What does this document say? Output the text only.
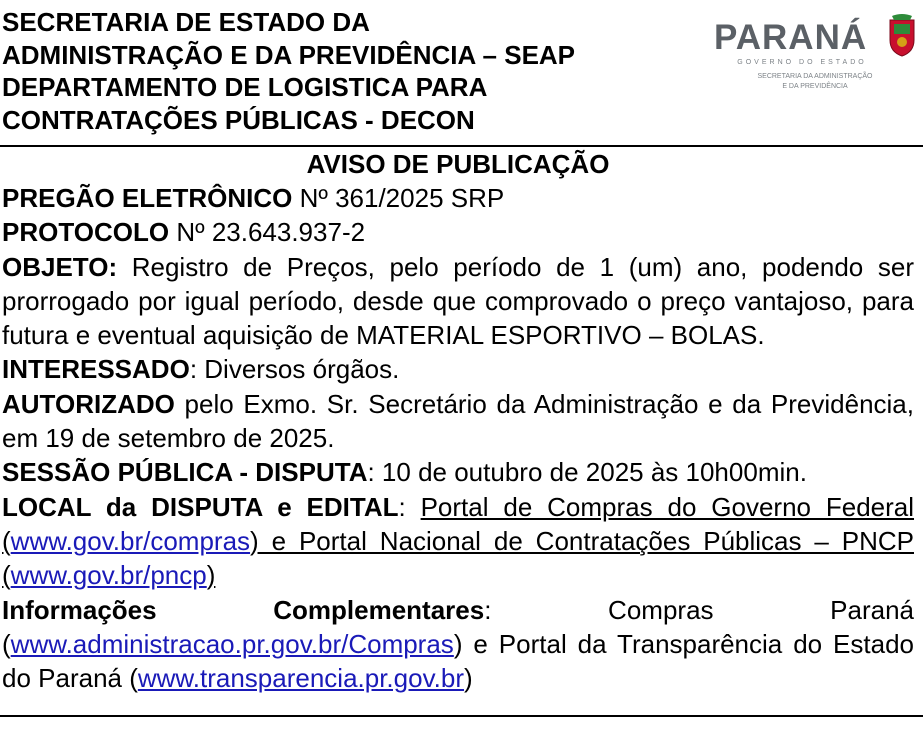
SECRETARIA DE ESTADO DA
ADMINISTRAÇÃO E DA PREVIDÊNCIA – SEAP
DEPARTAMENTO DE LOGISTICA PARA
CONTRATAÇÕES PÚBLICAS - DECON
PARANÁ
GOVERNO DO ESTADO
SECRETARIA DA ADMINISTRAÇÃO
E DA PREVIDÊNCIA
AVISO DE PUBLICAÇÃO

PREGÃO ELETRÔNICO Nº 361/2025 SRP

PROTOCOLO Nº 23.643.937-2

OBJETO: Registro de Preços, pelo período de 1 (um) ano, podendo ser prorrogado por igual período, desde que comprovado o preço vantajoso, para futura e eventual aquisição de MATERIAL ESPORTIVO – BOLAS.

INTERESSADO: Diversos órgãos.

AUTORIZADO pelo Exmo. Sr. Secretário da Administração e da Previdência, em 19 de setembro de 2025.

SESSÃO PÚBLICA - DISPUTA: 10 de outubro de 2025 às 10h00min.

LOCAL da DISPUTA e EDITAL: Portal de Compras do Governo Federal (www.gov.br/compras) e Portal Nacional de Contratações Públicas – PNCP (www.gov.br/pncp)

Informações Complementares: Compras Paraná (www.administracao.pr.gov.br/Compras) e Portal da Transparência do Estado do Paraná (www.transparencia.pr.gov.br)
